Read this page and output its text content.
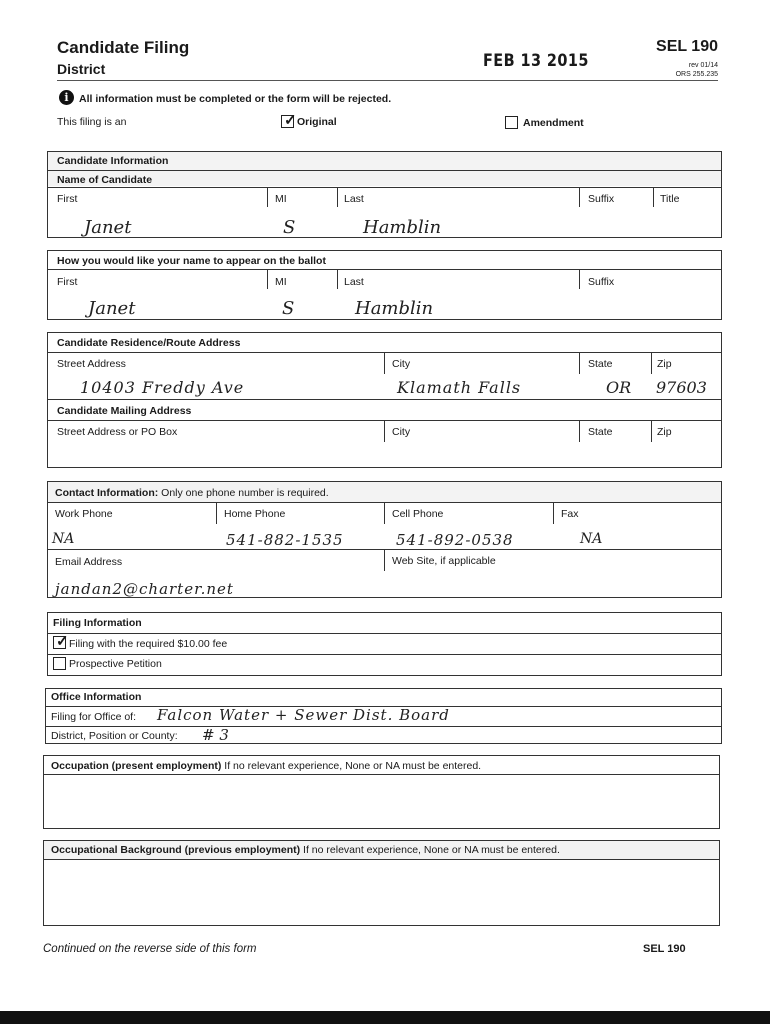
Candidate Filing
District	FEB 13 2015
SEL 190
rev 01/14
ORS 255.235
i All information must be completed or the form will be rejected.
This filing is an	✓ Original	Amendment
Candidate Information
Name of Candidate
First	MI	Last	Suffix	Title
Janet	S	Hamblin
How you would like your name to appear on the ballot
First	MI	Last	Suffix
Janet	S	Hamblin
Candidate Residence/Route Address
Street Address	City	State	Zip
10403 Freddy Ave	Klamath Falls	OR 97603
Candidate Mailing Address
Street Address or PO Box	City	State	Zip
Contact Information: Only one phone number is required.
Work Phone	Home Phone	Cell Phone	Fax
NA	541-882-1535	541-892-0538	NA
Email Address	Web Site, if applicable
jandan2@charter.net
Filing Information
✓ Filing with the required $10.00 fee
Prospective Petition
Office Information
Filing for Office of: Falcon Water + Sewer Dist. Board
District, Position or County: # 3
Occupation (present employment) If no relevant experience, None or NA must be entered.
Occupational Background (previous employment) If no relevant experience, None or NA must be entered.
Continued on the reverse side of this form	SEL 190
